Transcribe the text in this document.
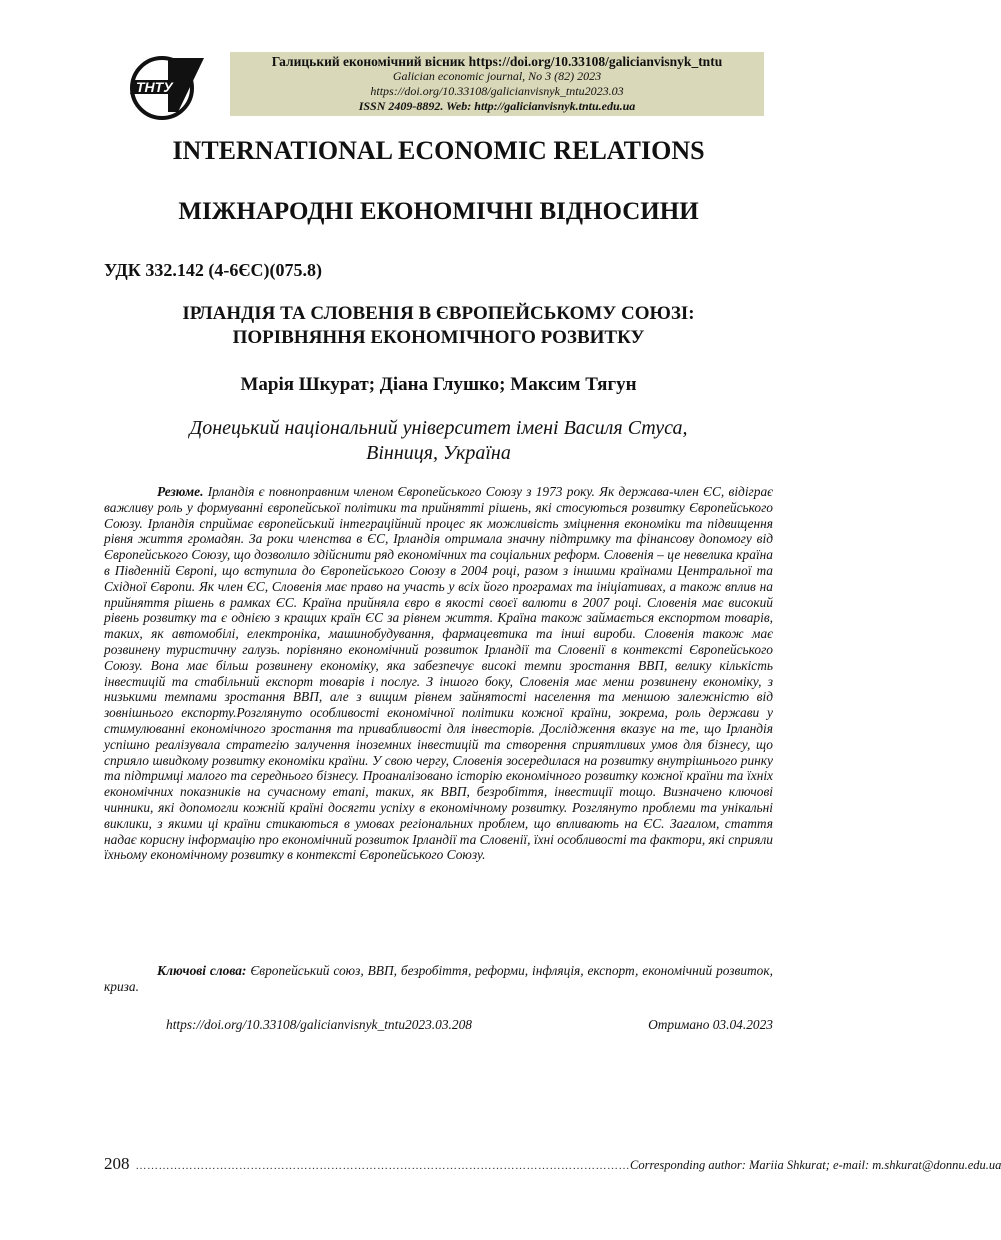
ТНТУ
Галицький економічний вісник https://doi.org/10.33108/galicianvisnyk_tntu
Galician economic journal, No 3 (82) 2023
https://doi.org/10.33108/galicianvisnyk_tntu2023.03
ISSN 2409-8892. Web: http://galicianvisnyk.tntu.edu.ua
INTERNATIONAL ECONOMIC RELATIONS
МІЖНАРОДНІ ЕКОНОМІЧНІ ВІДНОСИНИ
УДК 332.142 (4-6ЄС)(075.8)
ІРЛАНДІЯ ТА СЛОВЕНІЯ В ЄВРОПЕЙСЬКОМУ СОЮЗІ:
ПОРІВНЯННЯ ЕКОНОМІЧНОГО РОЗВИТКУ
Марія Шкурат; Діана Глушко; Максим Тягун
Донецький національний університет імені Василя Стуса,
Вінниця, Україна

Резюме. Ірландія є повноправним членом Європейського Союзу з 1973 року. Як держава-член ЄС, відіграє важливу роль у формуванні європейської політики та прийнятті рішень, які стосуються розвитку Європейського Союзу. Ірландія сприймає європейський інтеграційний процес як можливість зміцнення економіки та підвищення рівня життя громадян. За роки членства в ЄС, Ірландія отримала значну підтримку та фінансову допомогу від Європейського Союзу, що дозволило здійснити ряд економічних та соціальних реформ. Словенія – це невелика країна в Південній Європі, що вступила до Європейського Союзу в 2004 році, разом з іншими країнами Центральної та Східної Європи. Як член ЄС, Словенія має право на участь у всіх його програмах та ініціативах, а також вплив на прийняття рішень в рамках ЄС. Країна прийняла євро в якості своєї валюти в 2007 році. Словенія має високий рівень розвитку та є однією з кращих країн ЄС за рівнем життя. Країна також займається експортом товарів, таких, як автомобілі, електроніка, машинобудування, фармацевтика та інші вироби. Словенія також має розвинену туристичну галузь. порівняно економічний розвиток Ірландії та Словенії в контексті Європейського Союзу. Вона має більш розвинену економіку, яка забезпечує високі темпи зростання ВВП, велику кількість інвестицій та стабільний експорт товарів і послуг. З іншого боку, Словенія має менш розвинену економіку, з низькими темпами зростання ВВП, але з вищим рівнем зайнятості населення та меншою залежністю від зовнішнього експорту.Розглянуто особливості економічної політики кожної країни, зокрема, роль держави у стимулюванні економічного зростання та привабливості для інвесторів. Дослідження вказує на те, що Ірландія успішно реалізувала стратегію залучення іноземних інвестицій та створення сприятливих умов для бізнесу, що сприяло швидкому розвитку економіки країни. У свою чергу, Словенія зосередилася на розвитку внутрішнього ринку та підтримці малого та середнього бізнесу. Проаналізовано історію економічного розвитку кожної країни та їхніх економічних показників на сучасному етапі, таких, як ВВП, безробіття, інвестиції тощо. Визначено ключові чинники, які допомогли кожній країні досягти успіху в економічному розвитку. Розглянуто проблеми та унікальні виклики, з якими ці країни стикаються в умовах регіональних проблем, що впливають на ЄС. Загалом, стаття надає корисну інформацію про економічний розвиток Ірландії та Словенії, їхні особливості та фактори, які сприяли їхньому економічному розвитку в контексті Європейського Союзу.

Ключові слова: Європейський союз, ВВП, безробіття, реформи, інфляція, експорт, економічний розвиток, криза.

https://doi.org/10.33108/galicianvisnyk_tntu2023.03.208	Отримано 03.04.2023
208 ………………………………………………………………………………………………………………… Corresponding author: Mariia Shkurat; e-mail: m.shkurat@donnu.edu.ua
